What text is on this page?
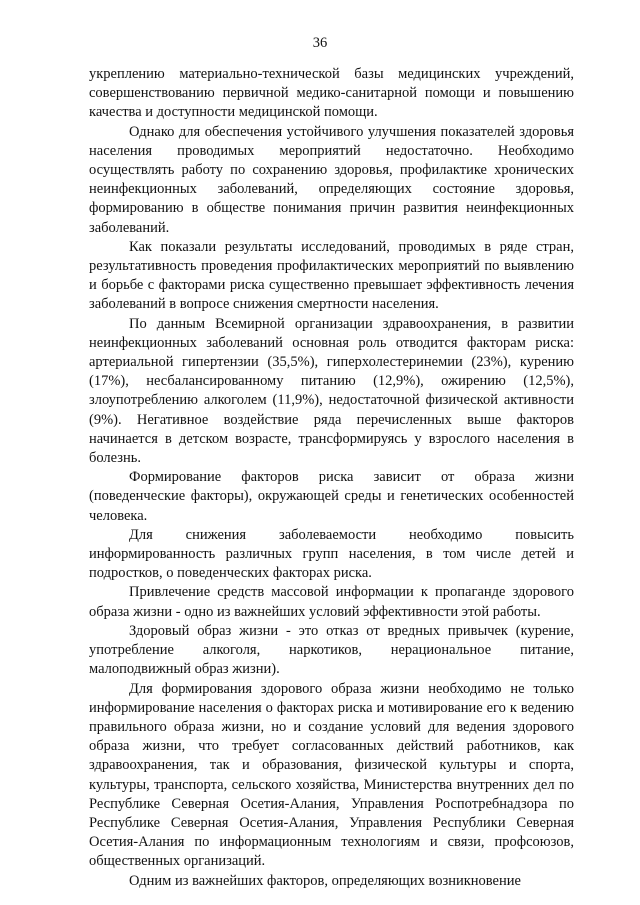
36

укреплению материально-технической базы медицинских учреждений, совершенствованию первичной медико-санитарной помощи и повышению качества и доступности медицинской помощи.

Однако для обеспечения устойчивого улучшения показателей здоровья населения проводимых мероприятий недостаточно. Необходимо осуществлять работу по сохранению здоровья, профилактике хронических неинфекционных заболеваний, определяющих состояние здоровья, формированию в обществе понимания причин развития неинфекционных заболеваний.

Как показали результаты исследований, проводимых в ряде стран, результативность проведения профилактических мероприятий по выявлению и борьбе с факторами риска существенно превышает эффективность лечения заболеваний в вопросе снижения смертности населения.

По данным Всемирной организации здравоохранения, в развитии неинфекционных заболеваний основная роль отводится факторам риска: артериальной гипертензии (35,5%), гиперхолестеринемии (23%), курению (17%), несбалансированному питанию (12,9%), ожирению (12,5%), злоупотреблению алкоголем (11,9%), недостаточной физической активности (9%). Негативное воздействие ряда перечисленных выше факторов начинается в детском возрасте, трансформируясь у взрослого населения в болезнь.

Формирование факторов риска зависит от образа жизни (поведенческие факторы), окружающей среды и генетических особенностей человека.

Для снижения заболеваемости необходимо повысить информированность различных групп населения, в том числе детей и подростков, о поведенческих факторах риска.

Привлечение средств массовой информации к пропаганде здорового образа жизни - одно из важнейших условий эффективности этой работы.

Здоровый образ жизни - это отказ от вредных привычек (курение, употребление алкоголя, наркотиков, нерациональное питание, малоподвижный образ жизни).

Для формирования здорового образа жизни необходимо не только информирование населения о факторах риска и мотивирование его к ведению правильного образа жизни, но и создание условий для ведения здорового образа жизни, что требует согласованных действий работников, как здравоохранения, так и образования, физической культуры и спорта, культуры, транспорта, сельского хозяйства, Министерства внутренних дел по Республике Северная Осетия-Алания, Управления Роспотребнадзора по Республике Северная Осетия-Алания, Управления Республики Северная Осетия-Алания по информационным технологиям и связи, профсоюзов, общественных организаций.

Одним из важнейших факторов, определяющих возникновение
